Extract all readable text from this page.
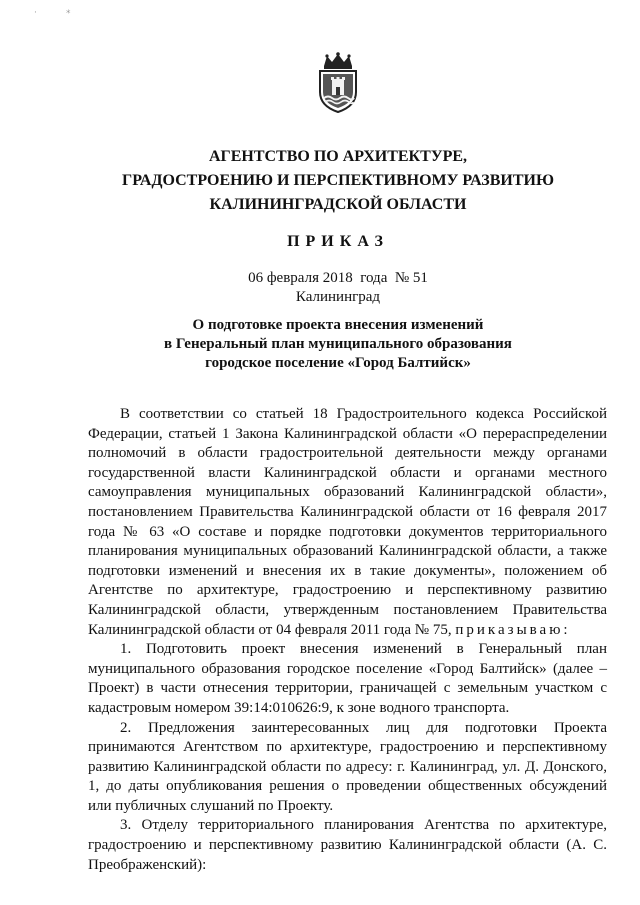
·	⁎
АГЕНТСТВО ПО АРХИТЕКТУРЕ,
ГРАДОСТРОЕНИЮ И ПЕРСПЕКТИВНОМУ РАЗВИТИЮ
КАЛИНИНГРАДСКОЙ ОБЛАСТИ
ПРИКАЗ
06 февраля 2018  года  № 51
Калининград
О подготовке проекта внесения изменений
в Генеральный план муниципального образования
городское поселение «Город Балтийск»

В соответствии со статьей 18 Градостроительного кодекса Российской Федерации, статьей 1 Закона Калининградской области «О перераспределении полномочий в области градостроительной деятельности между органами государственной власти Калининградской области и органами местного самоуправления муниципальных образований Калининградской области», постановлением Правительства Калининградской области от 16 февраля 2017 года № 63 «О составе и порядке подготовки документов территориального планирования муниципальных образований Калининградской области, а также подготовки изменений и внесения их в такие документы», положением об Агентстве по архитектуре, градостроению и перспективному развитию Калининградской области, утвержденным постановлением Правительства Калининградской области от 04 февраля 2011 года № 75, приказываю:

1. Подготовить проект внесения изменений в Генеральный план муниципального образования городское поселение «Город Балтийск» (далее – Проект) в части отнесения территории, граничащей с земельным участком с кадастровым номером 39:14:010626:9, к зоне водного транспорта.

2. Предложения заинтересованных лиц для подготовки Проекта принимаются Агентством по архитектуре, градостроению и перспективному развитию Калининградской области по адресу: г. Калининград, ул. Д. Донского, 1, до даты опубликования решения о проведении общественных обсуждений или публичных слушаний по Проекту.

3. Отделу территориального планирования Агентства по архитектуре, градостроению и перспективному развитию Калининградской области (А. С. Преображенский):
